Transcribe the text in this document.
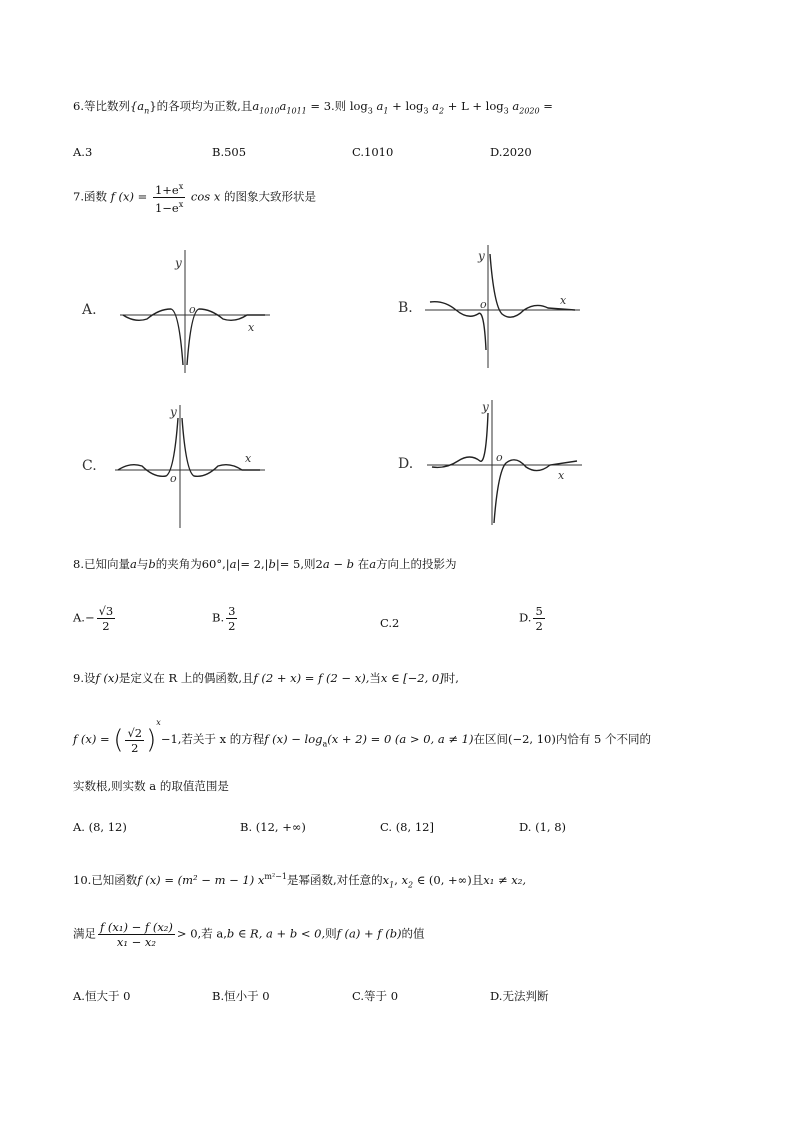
6.等比数列$\{a_n\}$的各项均为正数,且$a_{1010}a_{1011} = 3$.则 $\log_3 a_1 + \log_3 a_2 + L + \log_3 a_{2020}$ =
A.3	B.505	C.1010	D.2020
7.函数 f $(x) = \frac{1+e^x}{1-e^x}$ cos x 的图象大致形状是
A.
y
o
x
B.
y
o	x
C.
y
o
x	D.
y
o
x
8.已知向量a与b的夹角为60°,|a|= 2,|b|= 5,则2a − b 在a方向上的投影为
$A.- \frac{√3}{2}$	B. $\frac{3}{2}$	C.2	D. $\frac{5}{2}$
9.设f (x)是定义在 R 上的偶函数,且f (2 + x) = f (2 − x),当x ∈ [−2, 0]时,
f (x) = ( $\frac{√2}{2} )^x-1$,若关于 x 的方程f $(x) - \log_a(x + 2) = 0$ (a > 0, a ≠ 1)在区间(−2, 10)内恰有 5 个不同的
实数根,则实数 a 的取值范围是
A. (8, 12)	B. (12, +∞)	C. (8, 12]	D. (1, 8)
10.已知函数f (x) = (m² − m − 1) $x^{m^2-1}$是幂函数,对任意的$x_1$, $x_2$ ∈ (0, +∞)且x₁ ≠ x₂,
满足 $\frac{\text{f (x₁) − f (x₂)}}{\text{x₁ − x₂}} > 0$,若 a,b ∈ R, a + b < 0,则f (a) + f (b)的值
A.恒大于 0	B.恒小于 0	C.等于 0	D.无法判断
